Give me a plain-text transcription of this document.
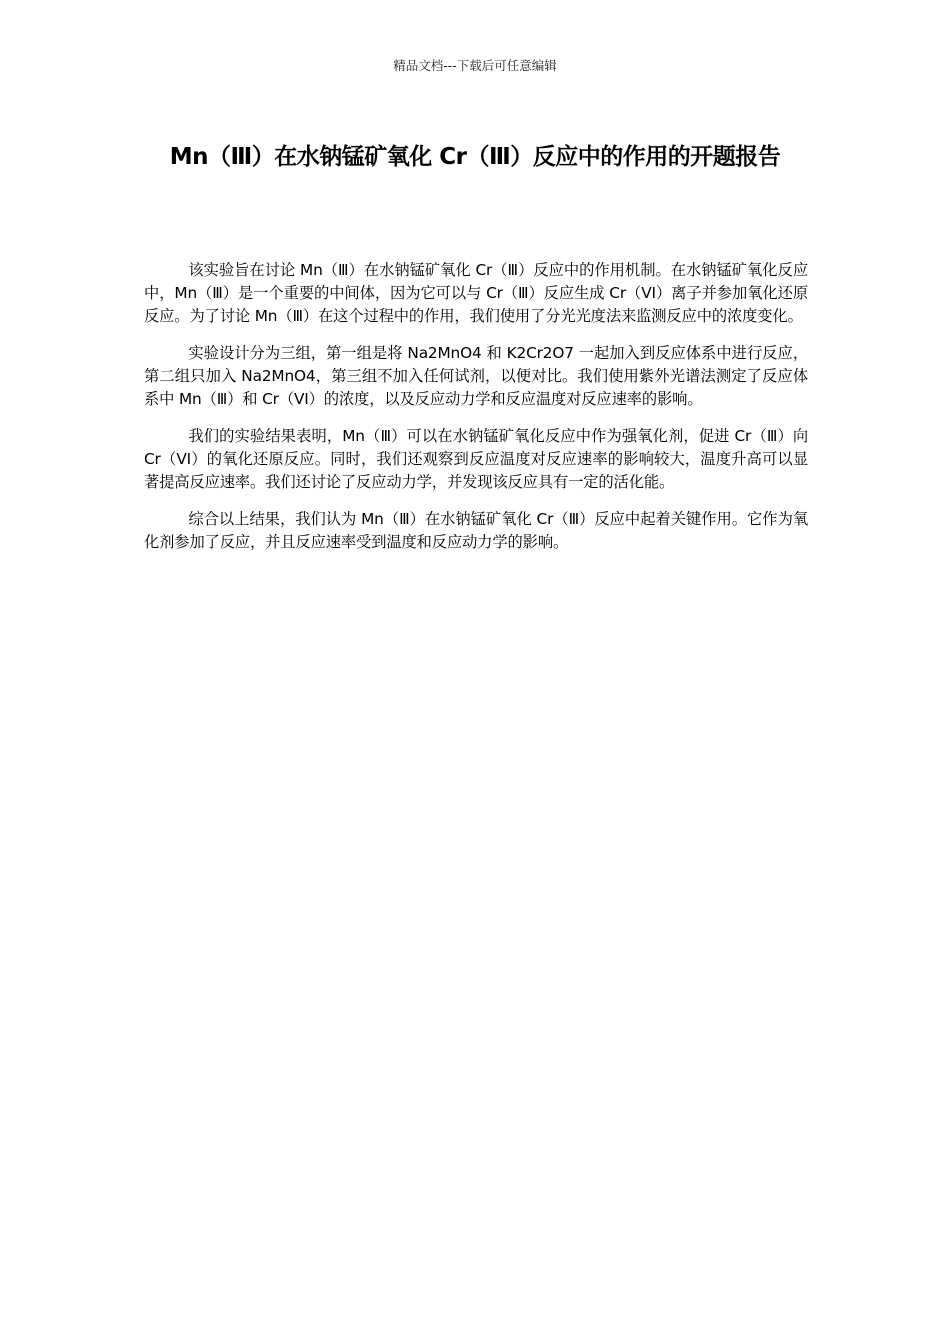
精品文档---下载后可任意编辑
Mn（Ⅲ）在水钠锰矿氧化 Cr（Ⅲ）反应中的作用的开题报告

该实验旨在讨论 Mn（Ⅲ）在水钠锰矿氧化 Cr（Ⅲ）反应中的作用机制。在水钠锰矿氧化反应中，Mn（Ⅲ）是一个重要的中间体，因为它可以与 Cr（Ⅲ）反应生成 Cr（VI）离子并参加氧化还原反应。为了讨论 Mn（Ⅲ）在这个过程中的作用，我们使用了分光光度法来监测反应中的浓度变化。

实验设计分为三组，第一组是将 Na2MnO4 和 K2Cr2O7 一起加入到反应体系中进行反应，第二组只加入 Na2MnO4，第三组不加入任何试剂，以便对比。我们使用紫外光谱法测定了反应体系中 Mn（Ⅲ）和 Cr（VI）的浓度，以及反应动力学和反应温度对反应速率的影响。

我们的实验结果表明，Mn（Ⅲ）可以在水钠锰矿氧化反应中作为强氧化剂，促进 Cr（Ⅲ）向 Cr（VI）的氧化还原反应。同时，我们还观察到反应温度对反应速率的影响较大，温度升高可以显著提高反应速率。我们还讨论了反应动力学，并发现该反应具有一定的活化能。

综合以上结果，我们认为 Mn（Ⅲ）在水钠锰矿氧化 Cr（Ⅲ）反应中起着关键作用。它作为氧化剂参加了反应，并且反应速率受到温度和反应动力学的影响。
